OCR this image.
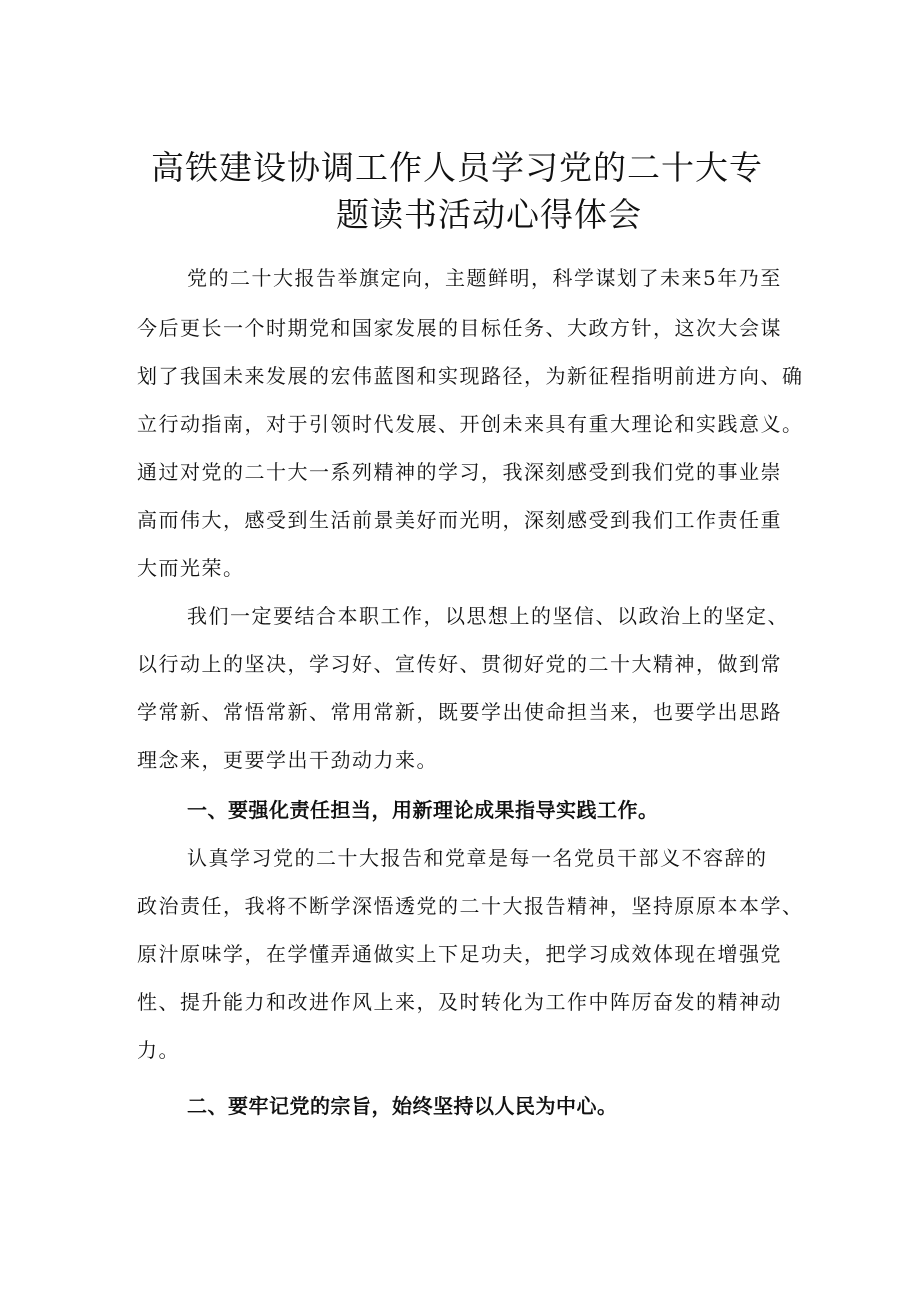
高铁建设协调工作人员学习党的二十大专
题读书活动心得体会
党的二十大报告举旗定向，主题鲜明，科学谋划了未来5年乃至
今后更长一个时期党和国家发展的目标任务、大政方针，这次大会谋
划了我国未来发展的宏伟蓝图和实现路径，为新征程指明前进方向、确
立行动指南，对于引领时代发展、开创未来具有重大理论和实践意义。
通过对党的二十大一系列精神的学习，我深刻感受到我们党的事业崇
高而伟大，感受到生活前景美好而光明，深刻感受到我们工作责任重
大而光荣。
我们一定要结合本职工作，以思想上的坚信、以政治上的坚定、
以行动上的坚决，学习好、宣传好、贯彻好党的二十大精神，做到常
学常新、常悟常新、常用常新，既要学出使命担当来，也要学出思路
理念来，更要学出干劲动力来。
一、要强化责任担当，用新理论成果指导实践工作。
认真学习党的二十大报告和党章是每一名党员干部义不容辞的
政治责任，我将不断学深悟透党的二十大报告精神，坚持原原本本学、
原汁原味学，在学懂弄通做实上下足功夫，把学习成效体现在增强党
性、提升能力和改进作风上来，及时转化为工作中阵厉奋发的精神动
力。
二、要牢记党的宗旨，始终坚持以人民为中心。
